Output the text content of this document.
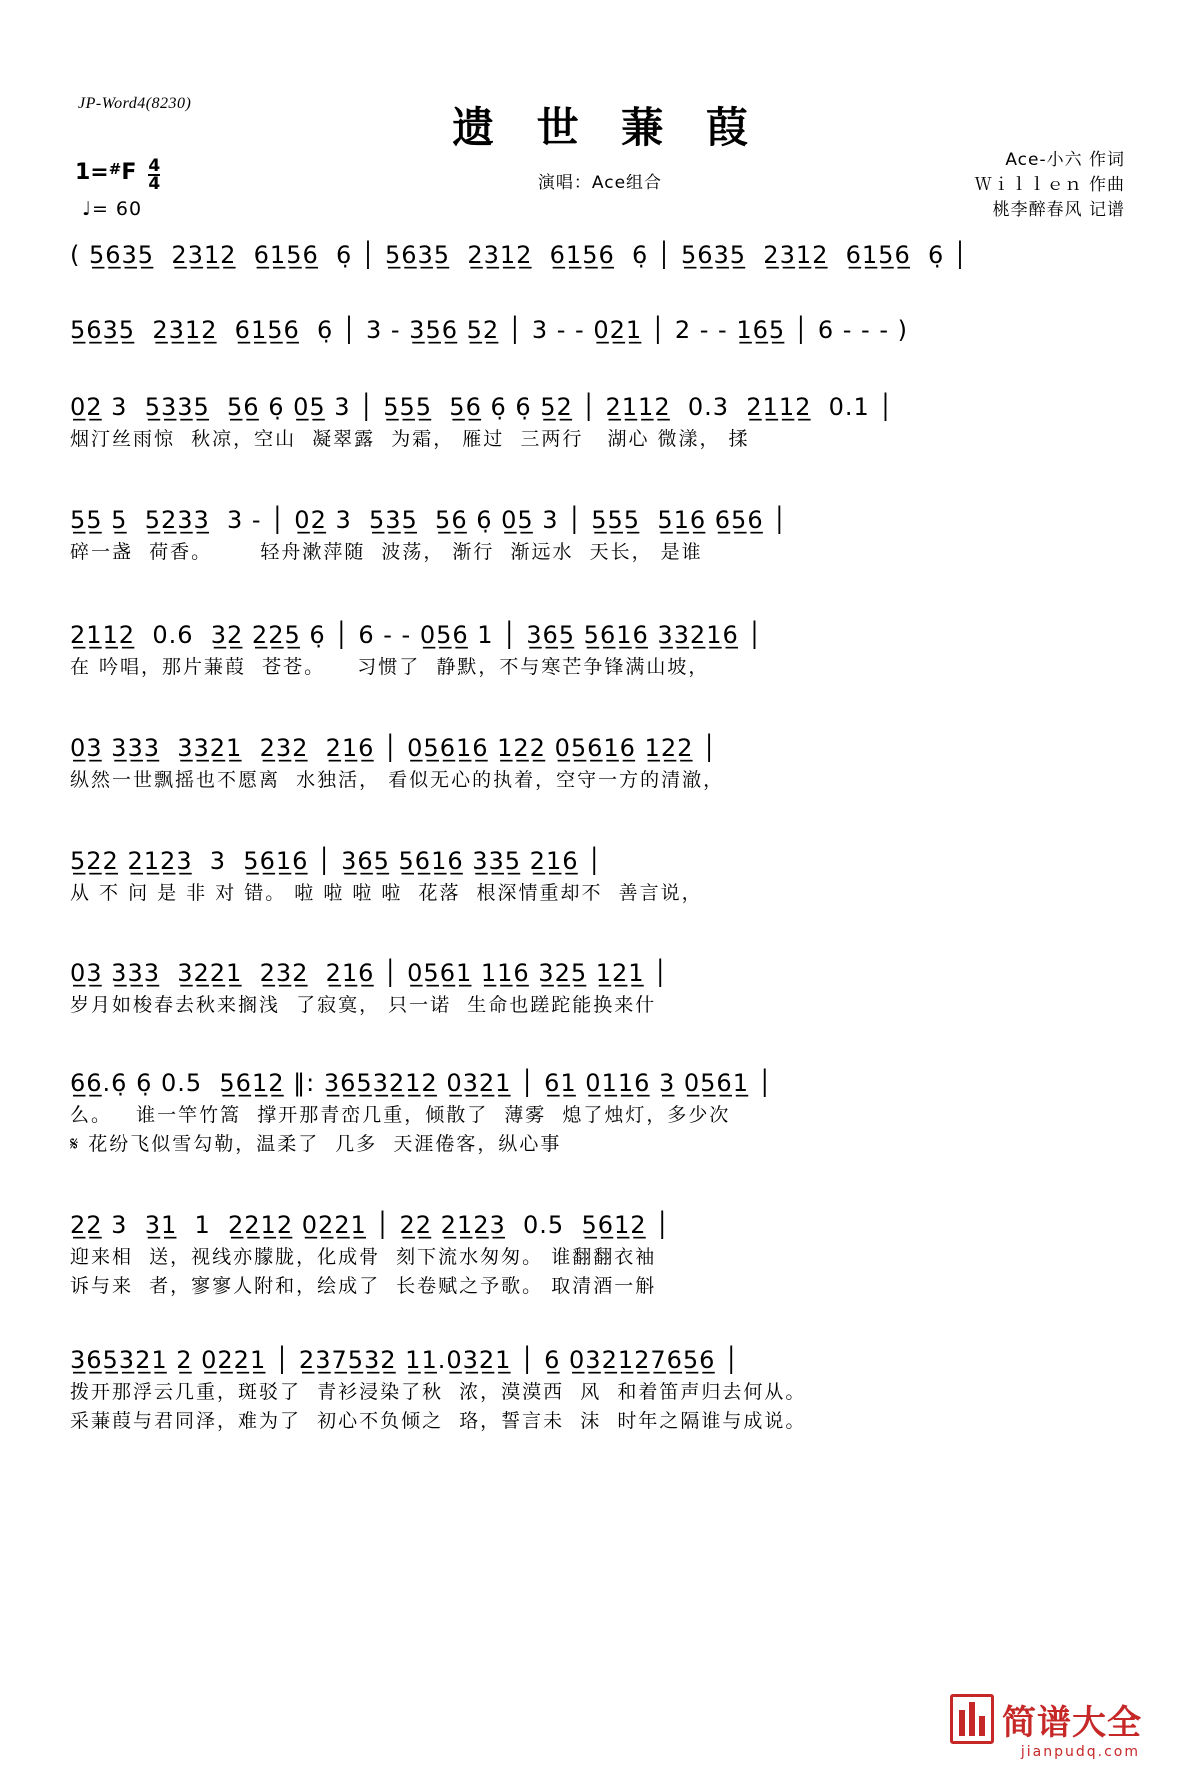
JP-Word4(8230)	遗 世 蒹 葭
演唱：Ace组合
Ace-小六 作词
Ｗｉｌｌｅｎ 作曲
桃李醉春风 记谱
1= # F $\frac{4}{4}$
♩= 60
( 5̲6̲3̲5̲  2̲3̲1̲2̲  6̲1̲5̲6̲  6̣ │ 5̲6̲3̲5̲  2̲3̲1̲2̲  6̲1̲5̲6̲  6̣ │ 5̲6̲3̲5̲  2̲3̲1̲2̲  6̲1̲5̲6̲  6̣ │
5̲6̲3̲5̲  2̲3̲1̲2̲  6̲1̲5̲6̲  6̣ │ 3 - 3̲5̲6̲ 5̲2̲ │ 3 - - 0̲2̲1̲ │ 2 - - 1̲6̲5̲ │ 6 - - - )
0̲2̲ 3  5̲3̲3̲5̲  5̲6̲ 6̣ 0̲5̲ 3 │ 5̲5̲5̲  5̲6̲ 6̣ 6̣ 5̲2̲ │ 2̲1̲1̲2̲  0.3  2̲1̲1̲2̲  0.1 │
烟汀丝雨惊  秋凉，空山  凝翠露  为霜， 雁过  三两行   湖心 微漾， 揉
5̲5̲ 5̲  5̲2̲3̲3̲  3 - │ 0̲2̲ 3  5̲3̲5̲  5̲6̲ 6̣ 0̲5̲ 3 │ 5̲5̲5̲  5̲1̲6̲ 6̲5̲6̲ │
碎一盏  荷香。      轻舟漱萍随  波荡， 渐行  渐远水  天长， 是谁
2̲1̲1̲2̲  0.6  3̲2̲ 2̲2̲5̲ 6̣ │ 6 - - 0̲5̲6̲ 1 │ 3̲6̲5̲ 5̲6̲1̲6̲ 3̲3̲2̲1̲6̲ │
在 吟唱，那片蒹葭  苍苍。    习惯了  静默，不与寒芒争锋满山坡，
0̲3̲ 3̲3̲3̲  3̲3̲2̲1̲  2̲3̲2̲  2̲1̲6̲ │ 0̲5̲6̲1̲6̲ 1̲2̲2̲ 0̲5̲6̲1̲6̲ 1̲2̲2̲ │
纵然一世飘摇也不愿离  水独活， 看似无心的执着，空守一方的清澈，
5̲2̲2̲ 2̲1̲2̲3̲  3  5̲6̲1̲6̲ │ 3̲6̲5̲ 5̲6̲1̲6̲ 3̲3̲5̲ 2̲1̲6̲ │
从 不 问 是 非 对 错。 啦 啦 啦 啦  花落  根深情重却不  善言说，
0̲3̲ 3̲3̲3̲  3̲2̲2̲1̲  2̲3̲2̲  2̲1̲6̲ │ 0̲5̲6̲1̲ 1̲1̲6̲ 3̲2̲5̲ 1̲2̲1̲ │
岁月如梭春去秋来搁浅  了寂寞， 只一诺  生命也蹉跎能换来什
6̲6̲.6̣ 6̣ 0.5  5̲6̲1̲2̲ ‖: 3̲6̲5̲3̲2̲1̲2̲ 0̲3̲2̲1̲ │ 6̲1̲ 0̲1̲1̲6̲ 3̲ 0̲5̲6̲1̲ │
么。   谁一竿竹篙  撑开那青峦几重，倾散了  薄雾  熄了烛灯，多少次
𝄋 花纷飞似雪勾勒，温柔了  几多  天涯倦客，纵心事
2̲2̲ 3  3̲1̲  1  2̲2̲1̲2̲ 0̲2̲2̲1̲ │ 2̲2̲ 2̲1̲2̲3̲  0.5  5̲6̲1̲2̲ │
迎来相  送，视线亦朦胧，化成骨  刻下流水匆匆。 谁翻翻衣袖
诉与来  者，寥寥人附和，绘成了  长卷赋之予歌。 取清酒一斛
3̲6̲5̲3̲2̲1̲ 2̲ 0̲2̲2̲1̲ │ 2̲3̲7̲5̲3̲2̲ 1̲1̲.0̲3̲2̲1̲ │ 6̲ 0̲3̲2̲1̲2̲7̲6̲5̲6̲ │
拨开那浮云几重，斑驳了  青衫浸染了秋  浓，漠漠西  风  和着笛声归去何从。
采蒹葭与君同泽，难为了  初心不负倾之  珞，誓言未  沫  时年之隔谁与成说。
简谱大全
jianpudq.com
